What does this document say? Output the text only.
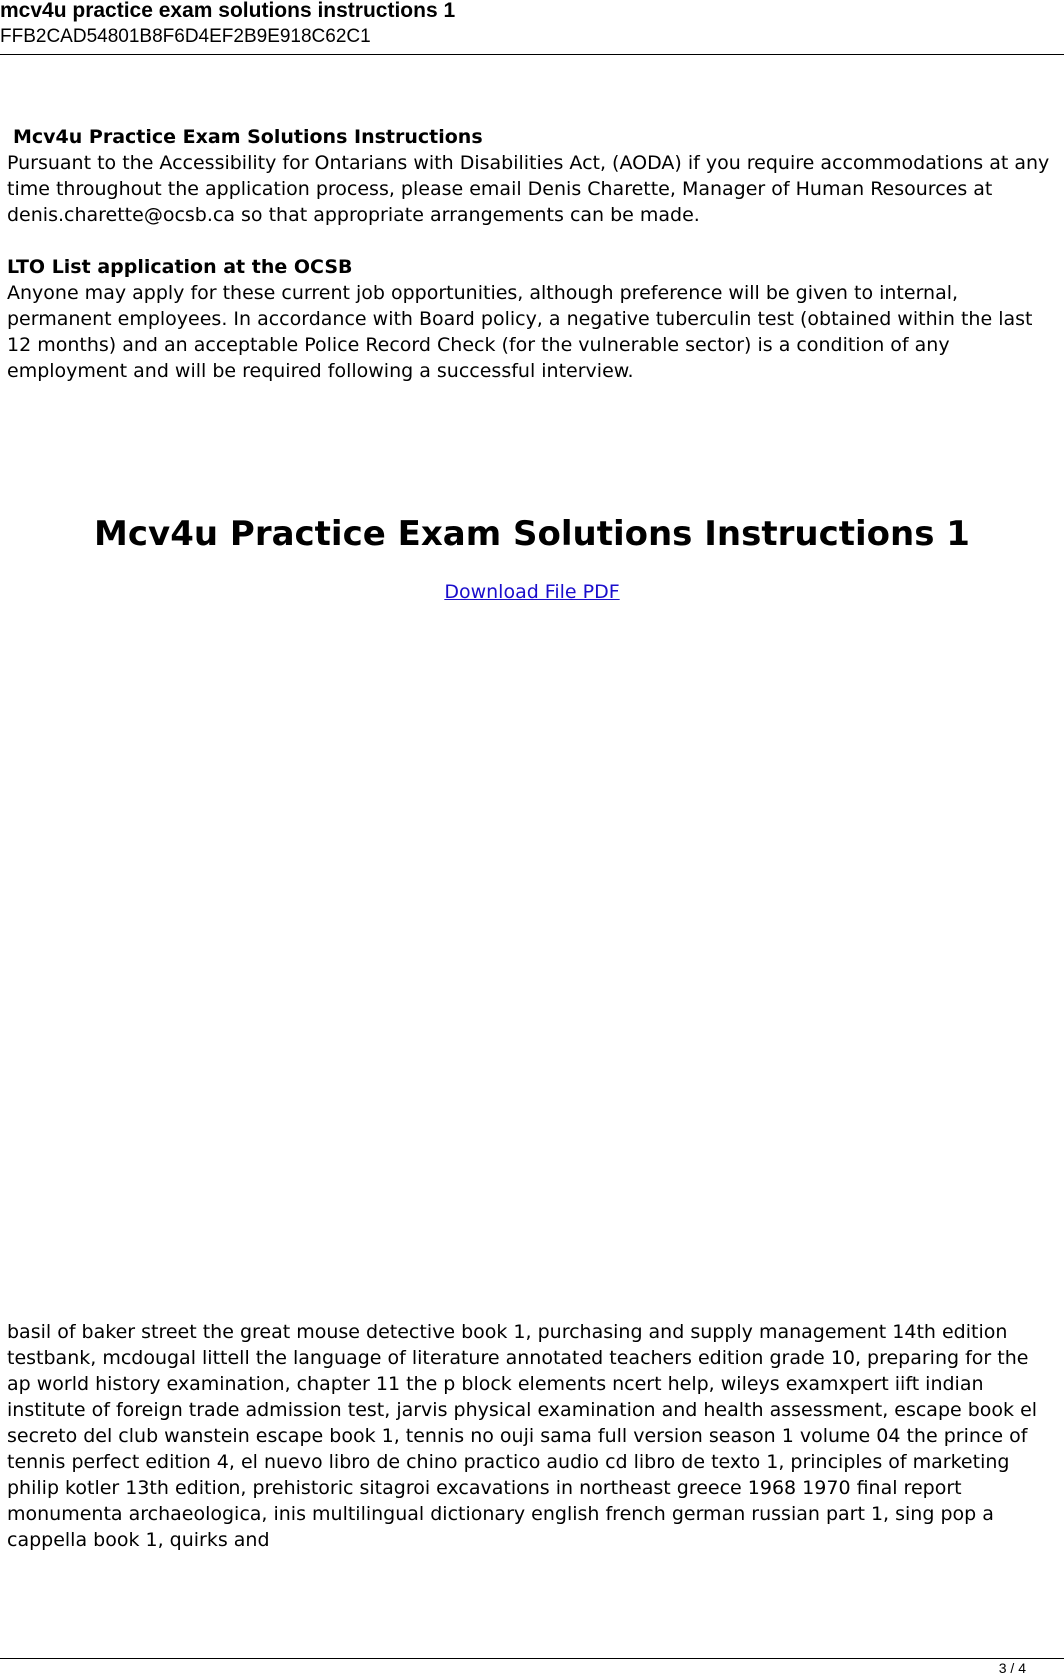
mcv4u practice exam solutions instructions 1
FFB2CAD54801B8F6D4EF2B9E918C62C1

Mcv4u Practice Exam Solutions Instructions

Pursuant to the Accessibility for Ontarians with Disabilities Act, (AODA) if you require accommodations at any time throughout the application process, please email Denis Charette, Manager of Human Resources at denis.charette@ocsb.ca so that appropriate arrangements can be made.

LTO List application at the OCSB

Anyone may apply for these current job opportunities, although preference will be given to internal, permanent employees. In accordance with Board policy, a negative tuberculin test (obtained within the last 12 months) and an acceptable Police Record Check (for the vulnerable sector) is a condition of any employment and will be required following a successful interview.

Mcv4u Practice Exam Solutions Instructions 1
Download File PDF

basil of baker street the great mouse detective book 1, purchasing and supply management 14th edition testbank, mcdougal littell the language of literature annotated teachers edition grade 10, preparing for the ap world history examination, chapter 11 the p block elements ncert help, wileys examxpert iift indian institute of foreign trade admission test, jarvis physical examination and health assessment, escape book el secreto del club wanstein escape book 1, tennis no ouji sama full version season 1 volume 04 the prince of tennis perfect edition 4, el nuevo libro de chino practico audio cd libro de texto 1, principles of marketing philip kotler 13th edition, prehistoric sitagroi excavations in northeast greece 1968 1970 final report monumenta archaeologica, inis multilingual dictionary english french german russian part 1, sing pop a cappella book 1, quirks and

3 / 4
